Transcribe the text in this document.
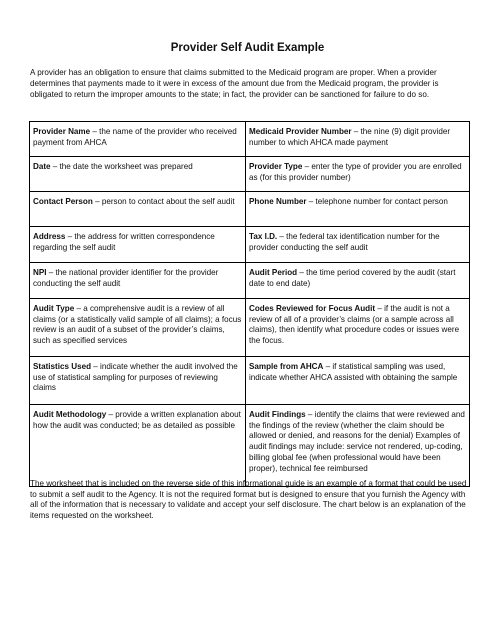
Provider Self Audit Example
A provider has an obligation to ensure that claims submitted to the Medicaid program are proper. When a provider determines that payments made to it were in excess of the amount due from the Medicaid program, the provider is obligated to return the improper amounts to the state; in fact, the provider can be sanctioned for failure to do so.
Provider Name – the name of the provider who received payment from AHCA	Medicaid Provider Number – the nine (9) digit provider number to which AHCA made payment
Date – the date the worksheet was prepared	Provider Type – enter the type of provider you are enrolled as (for this provider number)
Contact Person – person to contact about the self audit	Phone Number – telephone number for contact person
Address – the address for written correspondence regarding the self audit	Tax I.D. – the federal tax identification number for the provider conducting the self audit
NPI – the national provider identifier for the provider conducting the self audit	Audit Period – the time period covered by the audit (start date to end date)
Audit Type – a comprehensive audit is a review of all claims (or a statistically valid sample of all claims); a focus review is an audit of a subset of the provider’s claims, such as specified services	Codes Reviewed for Focus Audit – if the audit is not a review of all of a provider’s claims (or a sample across all claims), then identify what procedure codes or issues were the focus.
Statistics Used – indicate whether the audit involved the use of statistical sampling for purposes of reviewing claims	Sample from AHCA – if statistical sampling was used, indicate whether AHCA assisted with obtaining the sample
Audit Methodology – provide a written explanation about how the audit was conducted; be as detailed as possible	Audit Findings – identify the claims that were reviewed and the findings of the review (whether the claim should be allowed or denied, and reasons for the denial) Examples of audit findings may include: service not rendered, up-coding, billing global fee (when professional would have been proper), technical fee reimbursed
The worksheet that is included on the reverse side of this informational guide is an example of a format that could be used to submit a self audit to the Agency. It is not the required format but is designed to ensure that you furnish the Agency with all of the information that is necessary to validate and accept your self disclosure. The chart below is an explanation of the items requested on the worksheet.
